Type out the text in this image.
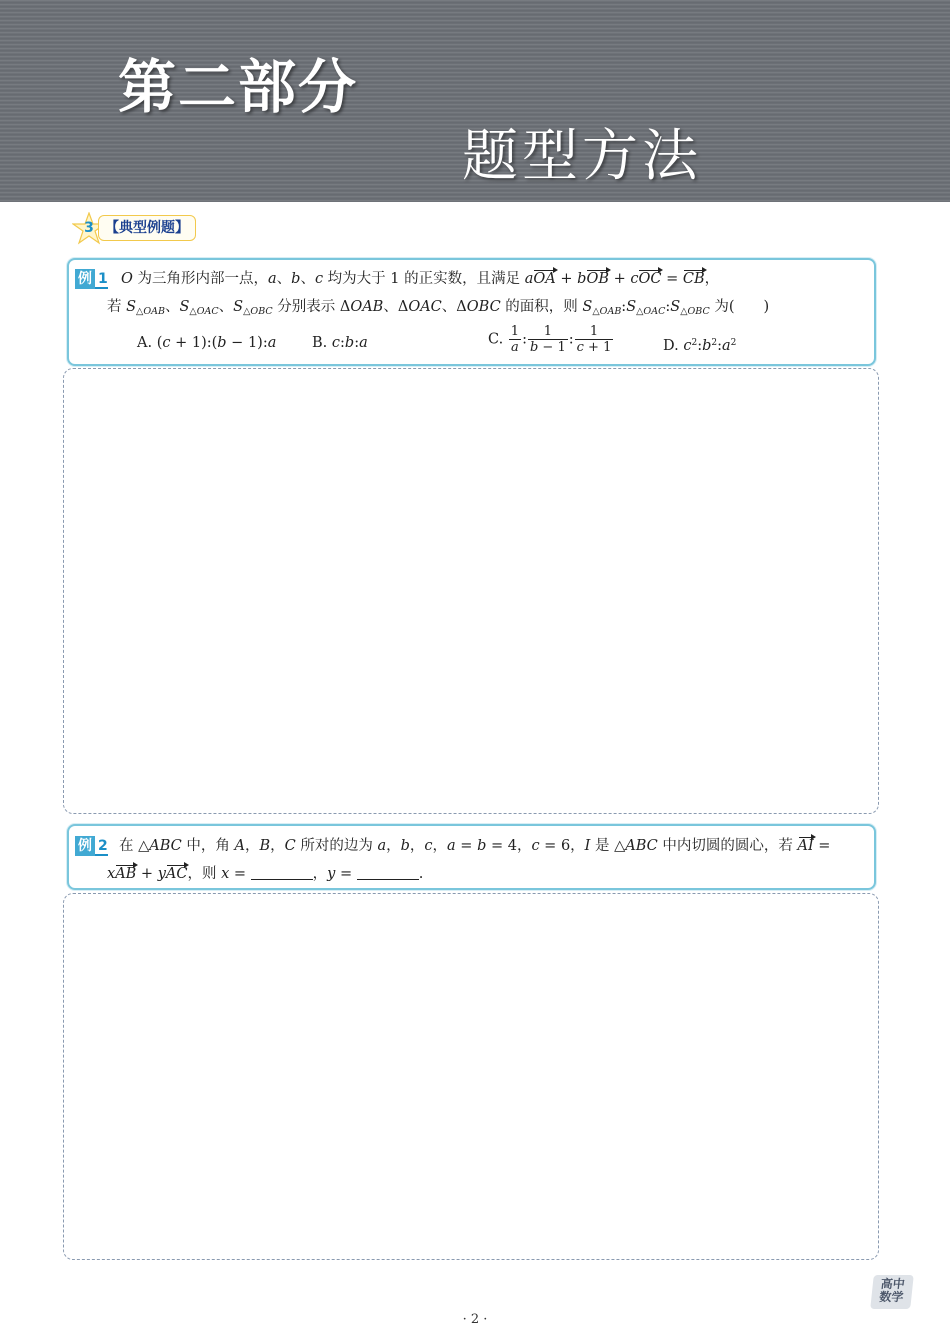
第二部分
题型方法
3 【典型例题】
例 1 O 为三角形内部一点，a、b、c 均为大于 1 的正实数，且满足 aOA + bOB + cOC = CB，
若 $S_{\triangle OAB}$、$S_{\triangle OAC}$、$S_{\triangle OBC}$ 分别表示 ΔOAB、ΔOAC、ΔOBC 的面积，则 $S_{\triangle OAB}:S_{\triangle OAC}:S_{\triangle OBC}$ 为(　　)
A. (c + 1):(b − 1):a B. c:b:a	C. $\frac{1}{a}$ : $\frac{1}{b - 1}$ : $\frac{1}{c + 1}$	D. $c^2:b^2:a^2$
例 2 在 △ABC 中，角 A，B，C 所对的边为 a，b，c，a = b = 4，c = 6，I 是 △ABC 中内切圆的圆心，若 AI =
xAB + yAC，则 x =	，y =	.
高中
数学
· 2 ·
